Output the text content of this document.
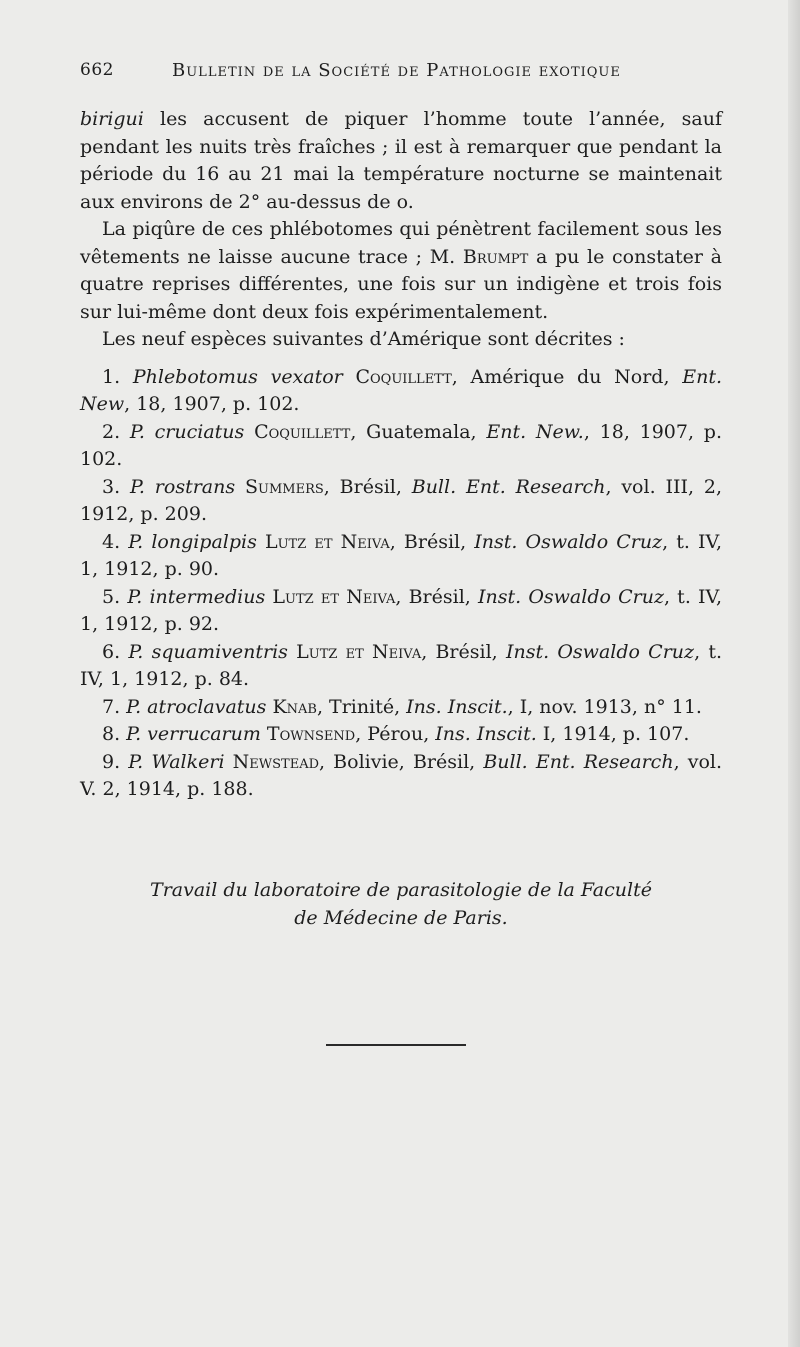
662	Bulletin de la Société de Pathologie exotique

birigui les accusent de piquer l’homme toute l’année, sauf pendant les nuits très fraîches ; il est à remarquer que pendant la période du 16 au 21 mai la température nocturne se maintenait aux environs de 2° au-dessus de o.

La piqûre de ces phlébotomes qui pénètrent facilement sous les vêtements ne laisse aucune trace ; M. Brumpt a pu le constater à quatre reprises différentes, une fois sur un indigène et trois fois sur lui-même dont deux fois expérimentalement.

Les neuf espèces suivantes d’Amérique sont décrites :

1. Phlebotomus vexator Coquillett, Amérique du Nord, Ent. New, 18, 1907, p. 102.

2. P. cruciatus Coquillett, Guatemala, Ent. New., 18, 1907, p. 102.

3. P. rostrans Summers, Brésil, Bull. Ent. Research, vol. III, 2, 1912, p. 209.

4. P. longipalpis Lutz et Neiva, Brésil, Inst. Oswaldo Cruz, t. IV, 1, 1912, p. 90.

5. P. intermedius Lutz et Neiva, Brésil, Inst. Oswaldo Cruz, t. IV, 1, 1912, p. 92.

6. P. squamiventris Lutz et Neiva, Brésil, Inst. Oswaldo Cruz, t. IV, 1, 1912, p. 84.

7. P. atroclavatus Knab, Trinité, Ins. Inscit., I, nov. 1913, n° 11.

8. P. verrucarum Townsend, Pérou, Ins. Inscit. I, 1914, p. 107.

9. P. Walkeri Newstead, Bolivie, Brésil, Bull. Ent. Research, vol. V. 2, 1914, p. 188.

Travail du laboratoire de parasitologie de la Faculté
de Médecine de Paris.
